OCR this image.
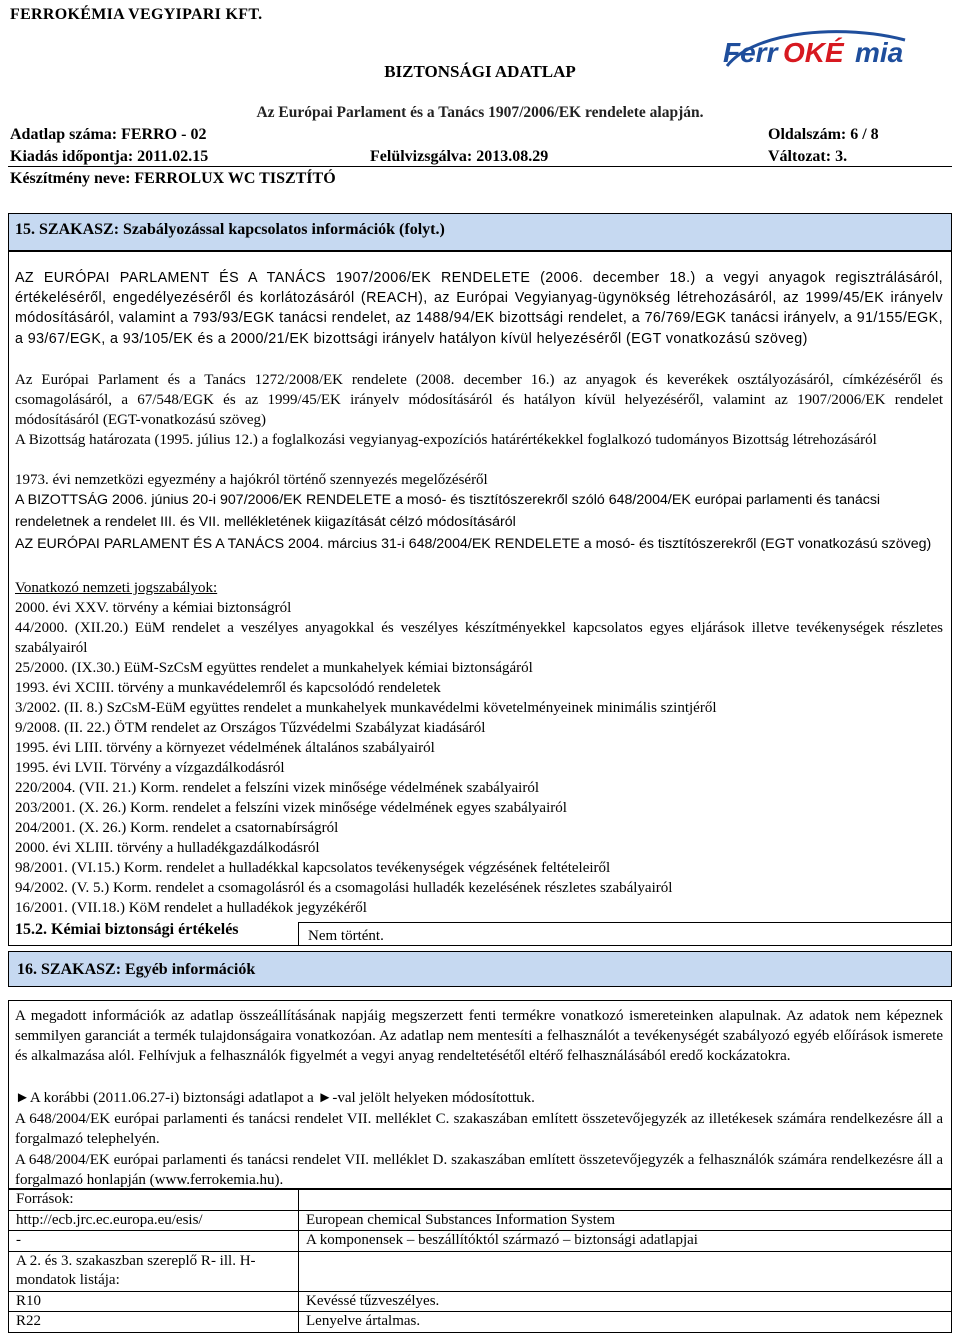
FERROKÉMIA VEGYIPARI KFT.
Ferr OKÉ mia
BIZTONSÁGI ADATLAP
Az Európai Parlament és a Tanács 1907/2006/EK rendelete alapján.
Adatlap száma: FERRO - 02	Oldalszám: 6 / 8
Kiadás időpontja: 2011.02.15	Felülvizsgálva: 2013.08.29	Változat: 3.
Készítmény neve: FERROLUX WC TISZTÍTÓ
15. SZAKASZ: Szabályozással kapcsolatos információk (folyt.)
AZ EURÓPAI PARLAMENT ÉS A TANÁCS 1907/2006/EK RENDELETE (2006. december 18.) a vegyi anyagok regisztrálásáról, értékeléséről, engedélyezéséről és korlátozásáról (REACH), az Európai Vegyianyag-ügynökség létrehozásáról, az 1999/45/EK irányelv módosításáról, valamint a 793/93/EGK tanácsi rendelet, az 1488/94/EK bizottsági rendelet, a 76/769/EGK tanácsi irányelv, a 91/155/EGK, a 93/67/EGK, a 93/105/EK és a 2000/21/EK bizottsági irányelv hatályon kívül helyezéséről (EGT vonatkozású szöveg)
Az Európai Parlament és a Tanács 1272/2008/EK rendelete (2008. december 16.) az anyagok és keverékek osztályozásáról, címkézéséről és csomagolásáról, a 67/548/EGK és az 1999/45/EK irányelv módosításáról és hatályon kívül helyezéséről, valamint az 1907/2006/EK rendelet módosításáról (EGT-vonatkozású szöveg)
A Bizottság határozata (1995. július 12.) a foglalkozási vegyianyag-expozíciós határértékekkel foglalkozó tudományos Bizottság létrehozásáról
1973. évi nemzetközi egyezmény a hajókról történő szennyezés megelőzéséről
A BIZOTTSÁG 2006. június 20-i 907/2006/EK RENDELETE a mosó- és tisztítószerekről szóló 648/2004/EK európai parlamenti és tanácsi rendeletnek a rendelet III. és VII. mellékletének kiigazítását célzó módosításáról
AZ EURÓPAI PARLAMENT ÉS A TANÁCS 2004. március 31-i 648/2004/EK RENDELETE a mosó- és tisztítószerekről (EGT vonatkozású szöveg)
Vonatkozó nemzeti jogszabályok:
2000. évi XXV. törvény a kémiai biztonságról
44/2000. (XII.20.) EüM rendelet a veszélyes anyagokkal és veszélyes készítményekkel kapcsolatos egyes eljárások illetve tevékenységek részletes szabályairól
25/2000. (IX.30.) EüM-SzCsM együttes rendelet a munkahelyek kémiai biztonságáról
1993. évi XCIII. törvény a munkavédelemről és kapcsolódó rendeletek
3/2002. (II. 8.) SzCsM-EüM együttes rendelet a munkahelyek munkavédelmi követelményeinek minimális szintjéről
9/2008. (II. 22.) ÖTM rendelet az Országos Tűzvédelmi Szabályzat kiadásáról
1995. évi LIII. törvény a környezet védelmének általános szabályairól
1995. évi LVII. Törvény a vízgazdálkodásról
220/2004. (VII. 21.) Korm. rendelet a felszíni vizek minősége védelmének szabályairól
203/2001. (X. 26.) Korm. rendelet a felszíni vizek minősége védelmének egyes szabályairól
204/2001. (X. 26.) Korm. rendelet a csatornabírságról
2000. évi XLIII. törvény a hulladékgazdálkodásról
98/2001. (VI.15.) Korm. rendelet a hulladékkal kapcsolatos tevékenységek végzésének feltételeiről
94/2002. (V. 5.) Korm. rendelet a csomagolásról és a csomagolási hulladék kezelésének részletes szabályairól
16/2001. (VII.18.) KöM rendelet a hulladékok jegyzékéről
15.2. Kémiai biztonsági értékelés	Nem történt.
16. SZAKASZ: Egyéb információk
A megadott információk az adatlap összeállításának napjáig megszerzett fenti termékre vonatkozó ismereteinken alapulnak. Az adatok nem képeznek semmilyen garanciát a termék tulajdonságaira vonatkozóan. Az adatlap nem mentesíti a felhasználót a tevékenységét szabályozó egyéb előírások ismerete és alkalmazása alól. Felhívjuk a felhasználók figyelmét a vegyi anyag rendeltetésétől eltérő felhasználásából eredő kockázatokra.
►A korábbi (2011.06.27-i) biztonsági adatlapot a ►-val jelölt helyeken módosítottuk.
A 648/2004/EK európai parlamenti és tanácsi rendelet VII. melléklet C. szakaszában említett összetevőjegyzék az illetékesek számára rendelkezésre áll a forgalmazó telephelyén.
A 648/2004/EK európai parlamenti és tanácsi rendelet VII. melléklet D. szakaszában említett összetevőjegyzék a felhasználók számára rendelkezésre áll a forgalmazó honlapján (www.ferrokemia.hu).
Források:	
http://ecb.jrc.ec.europa.eu/esis/	European chemical Substances Information System
-	A komponensek – beszállítóktól származó – biztonsági adatlapjai
A 2. és 3. szakaszban szereplő R- ill. H-mondatok listája:	
R10	Kevéssé tűzveszélyes.
R22	Lenyelve ártalmas.
